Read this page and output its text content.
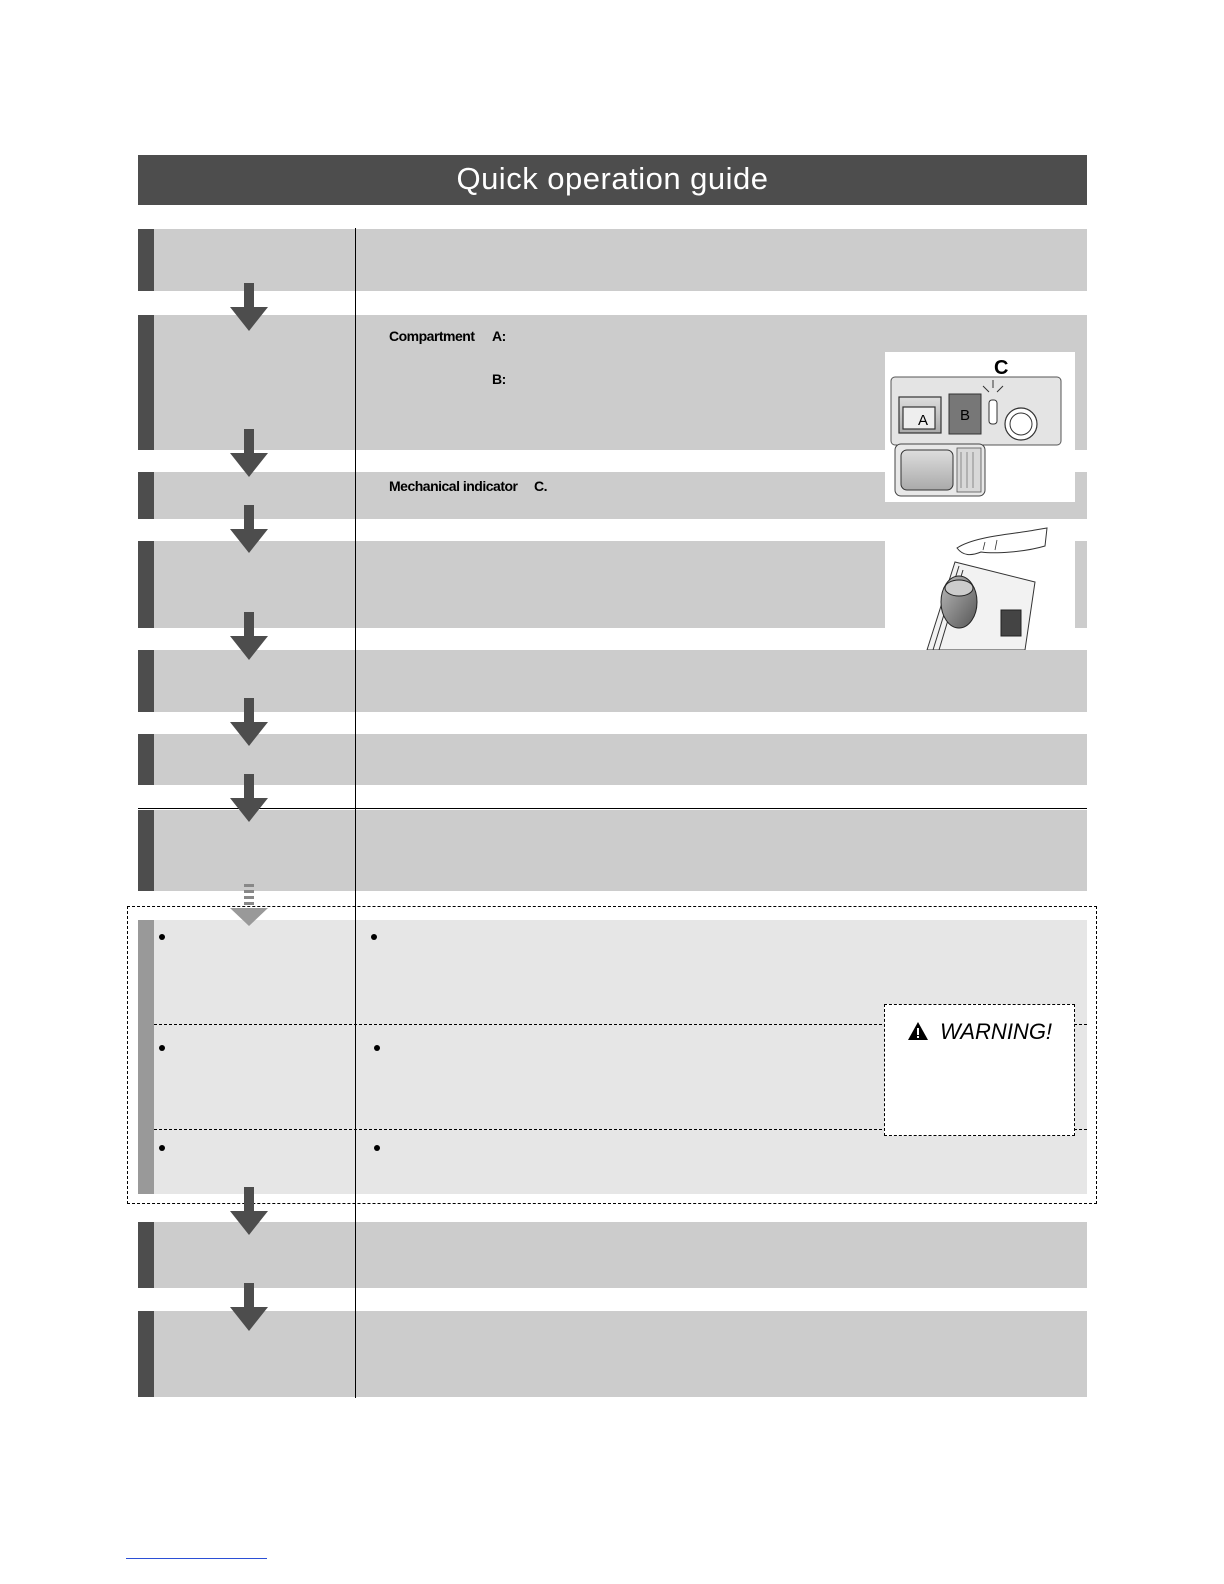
Quick operation guide
Compartment A:
B:
Mechanical indicator C.
C
A B
WARNING!
